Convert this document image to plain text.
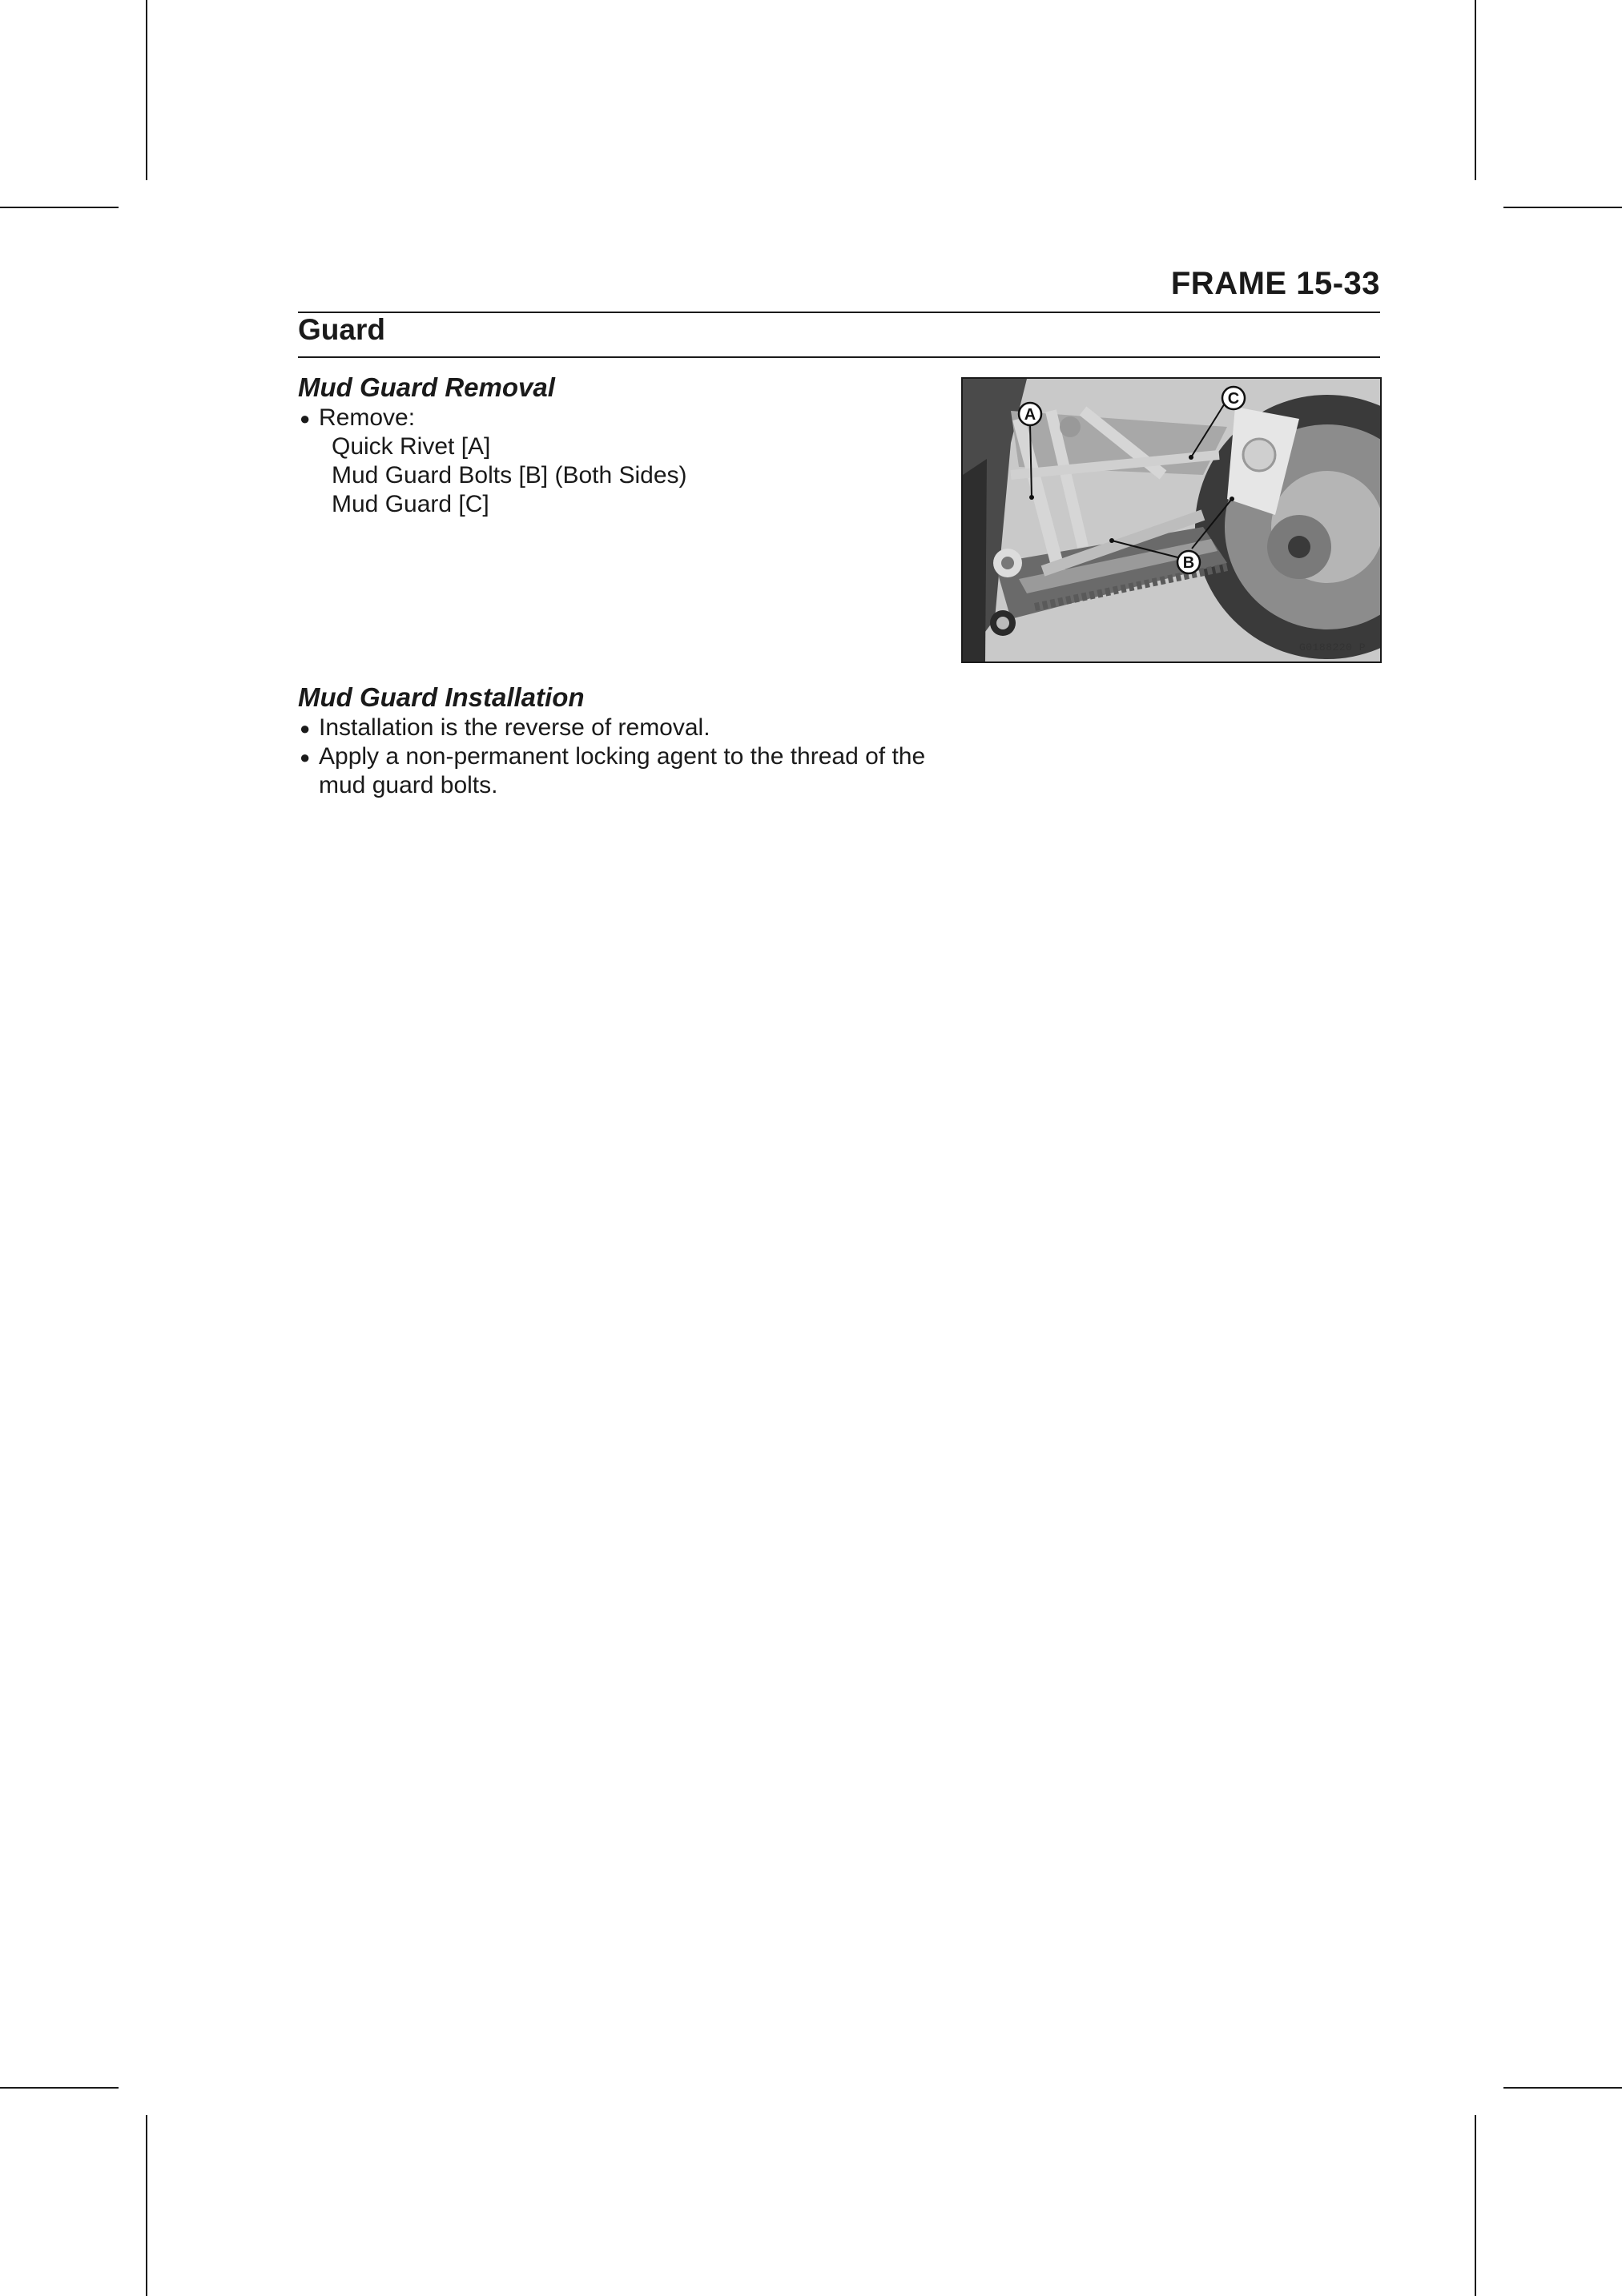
FRAME 15-33
Guard
Mud Guard Removal
● Remove:
Quick Rivet [A]
Mud Guard Bolts [B] (Both Sides)
Mud Guard [C]
A
C
B
G0188220 P
Mud Guard Installation
● Installation is the reverse of removal.
● Apply a non-permanent locking agent to the thread of the
mud guard bolts.
